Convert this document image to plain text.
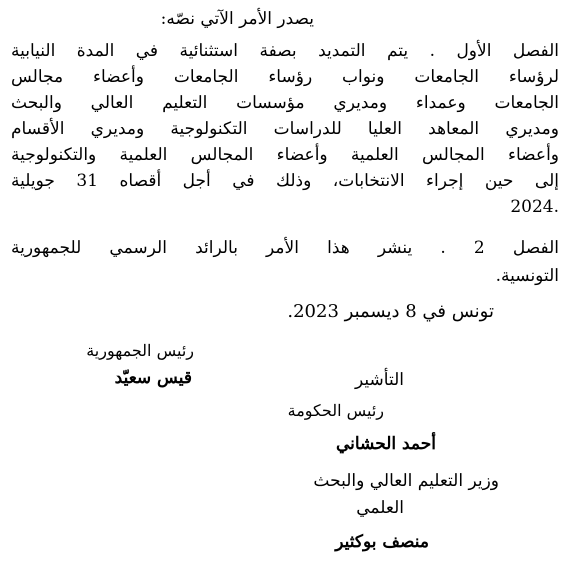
يصدر الأمر الآتي نصّه:
الفصل الأول . يتم التمديد بصفة استثنائية في المدة النيابية
لرؤساء الجامعات ونواب رؤساء الجامعات وأعضاء مجالس
الجامعات وعمداء ومديري مؤسسات التعليم العالي والبحث
ومديري المعاهد العليا للدراسات التكنولوجية ومديري الأقسام
وأعضاء المجالس العلمية وأعضاء المجالس العلمية والتكنولوجية
إلى حين إجراء الانتخابات، وذلك في أجل أقصاه 31 جويلية
2024.
الفصل 2 . ينشر هذا الأمر بالرائد الرسمي للجمهورية
التونسية.
تونس في 8 ديسمبر 2023.
رئيس الجمهورية
قيس سعيّد	التأشير
رئيس الحكومة
أحمد الحشاني
وزير التعليم العالي والبحث
العلمي
منصف بوكثير
